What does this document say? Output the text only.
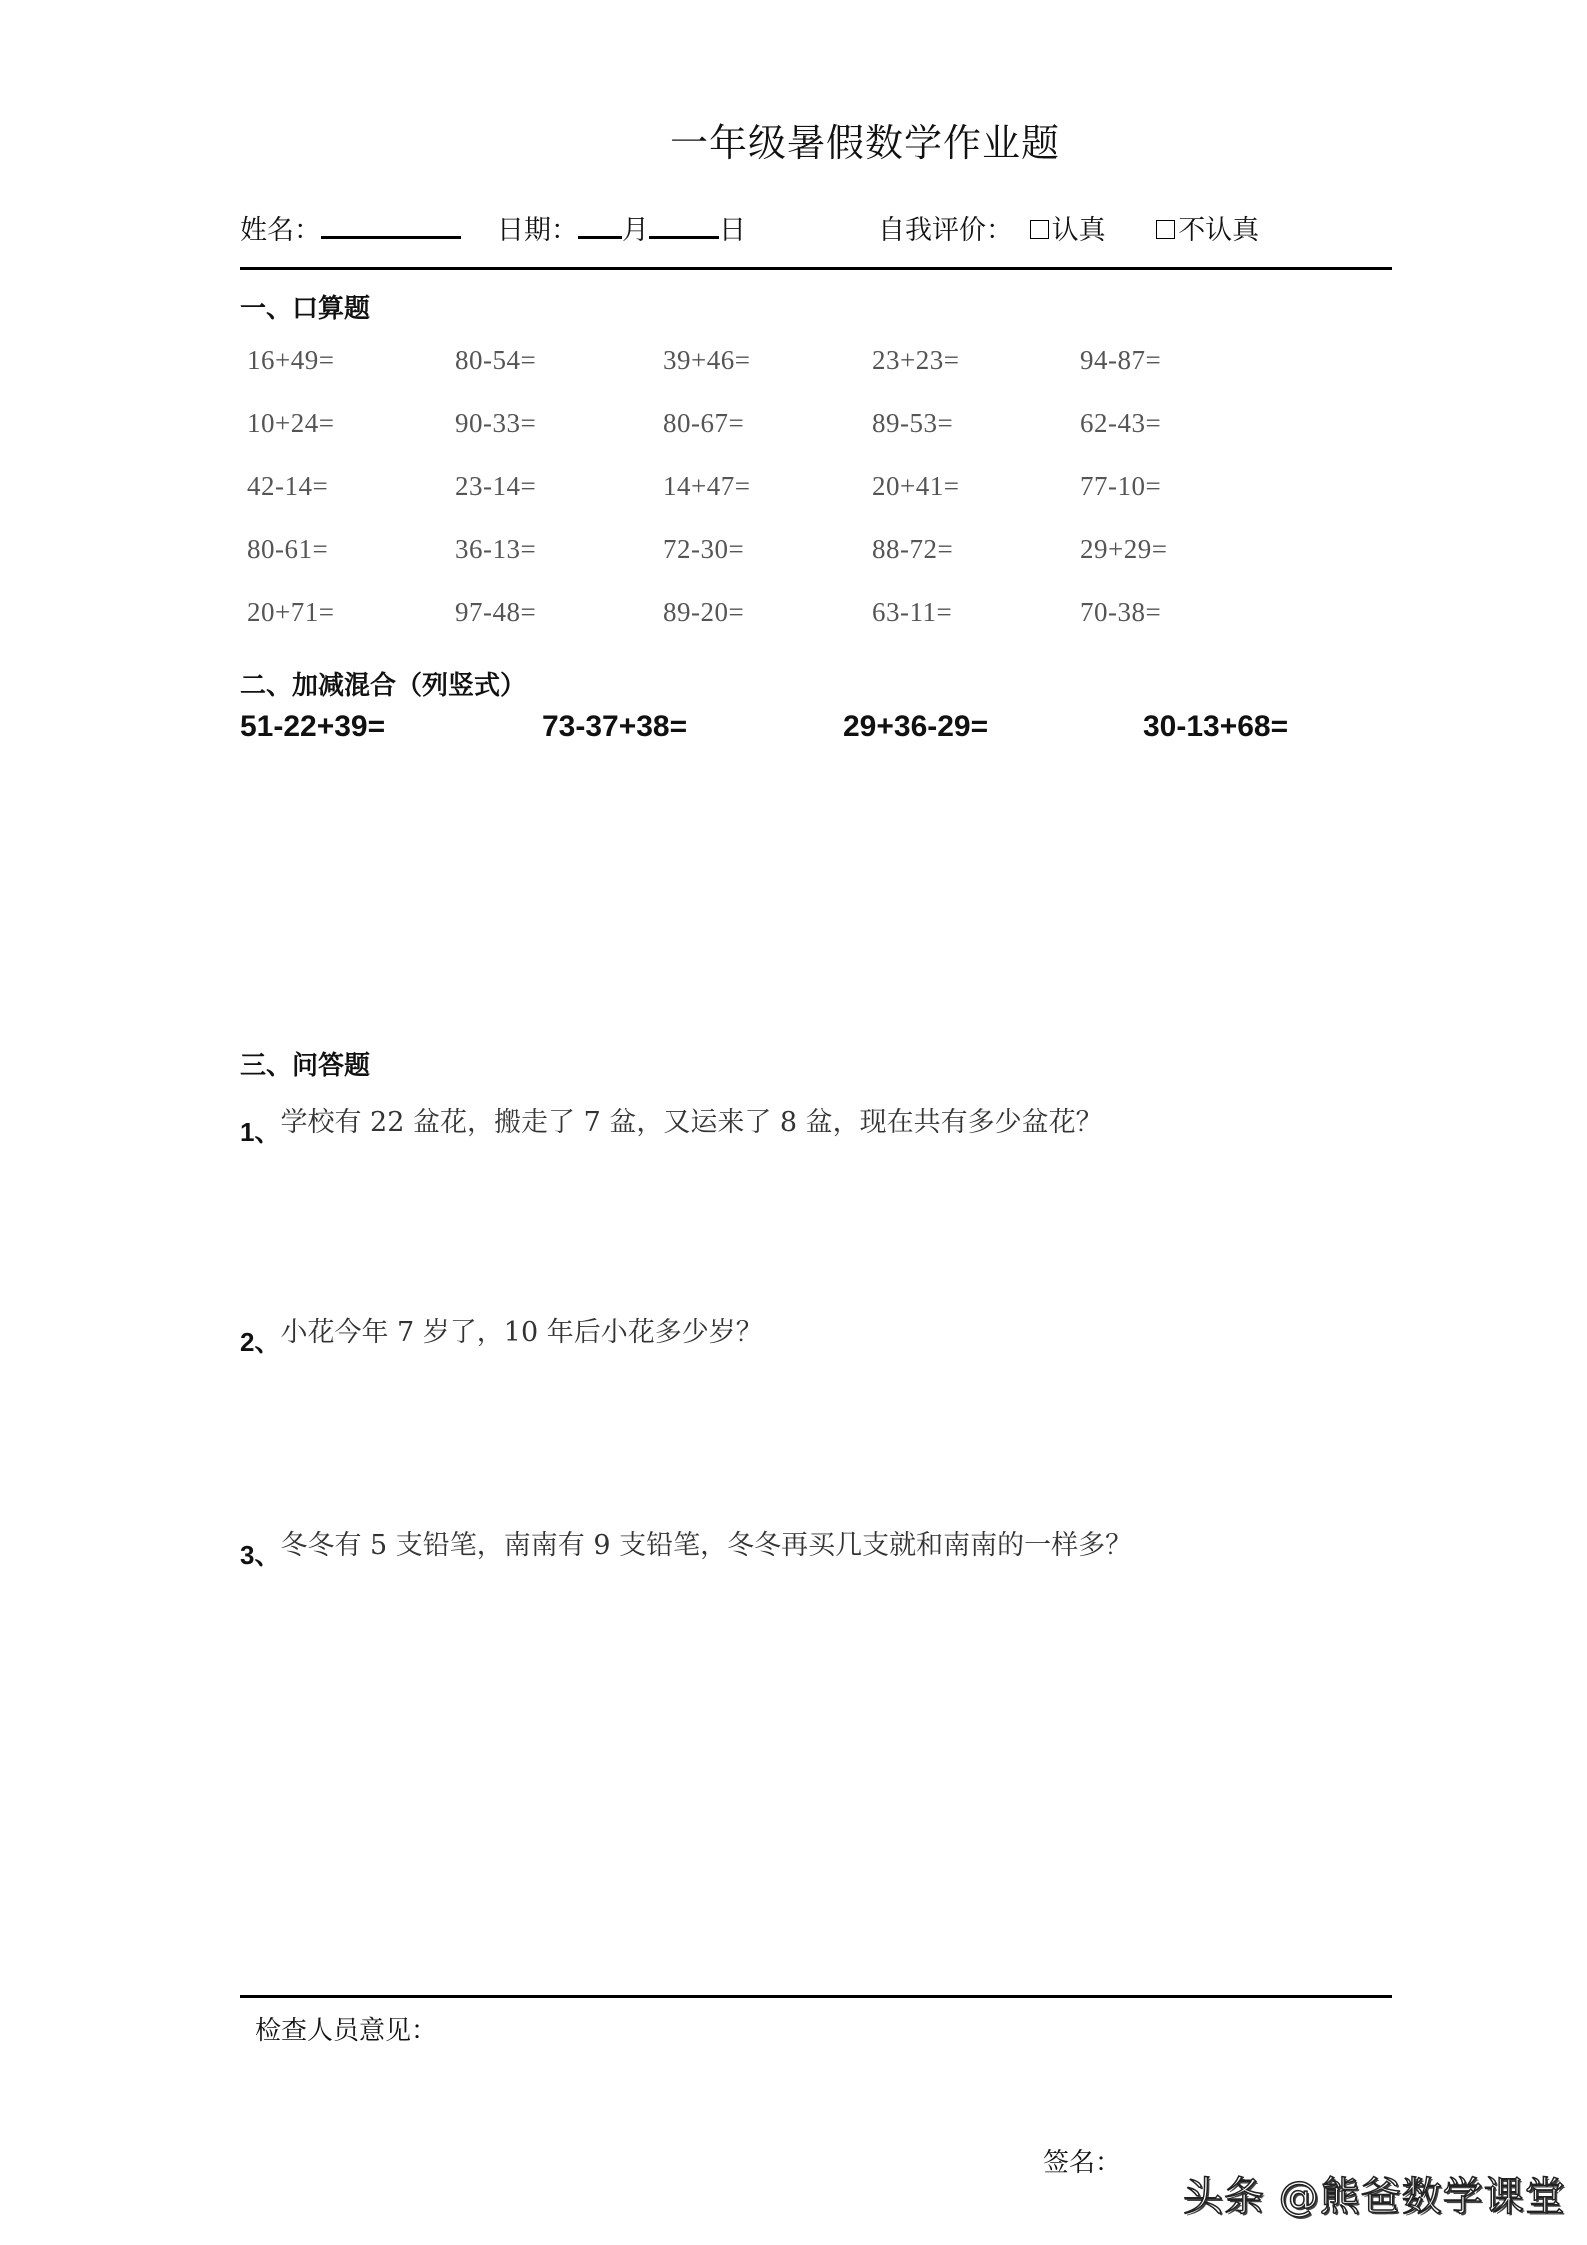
一年级暑假数学作业题
姓名：	日期： 月	日	自我评价： 认真	不认真
一、口算题
16+49=	80-54=	39+46=	23+23=	94-87=
10+24=	90-33=	80-67=	89-53=	62-43=
42-14=	23-14=	14+47=	20+41=	77-10=
80-61=	36-13=	72-30=	88-72=	29+29=
20+71=	97-48=	89-20=	63-11=	70-38=
二、加减混合（列竖式）
51-22+39=	73-37+38=	29+36-29=	30-13+68=
三、问答题
1、学校有 22 盆花，搬走了 7 盆，又运来了 8 盆，现在共有多少盆花？
2、小花今年 7 岁了，10 年后小花多少岁？
3、冬冬有 5 支铅笔，南南有 9 支铅笔，冬冬再买几支就和南南的一样多？
检查人员意见：
签名：
头条 @熊爸数学课堂
